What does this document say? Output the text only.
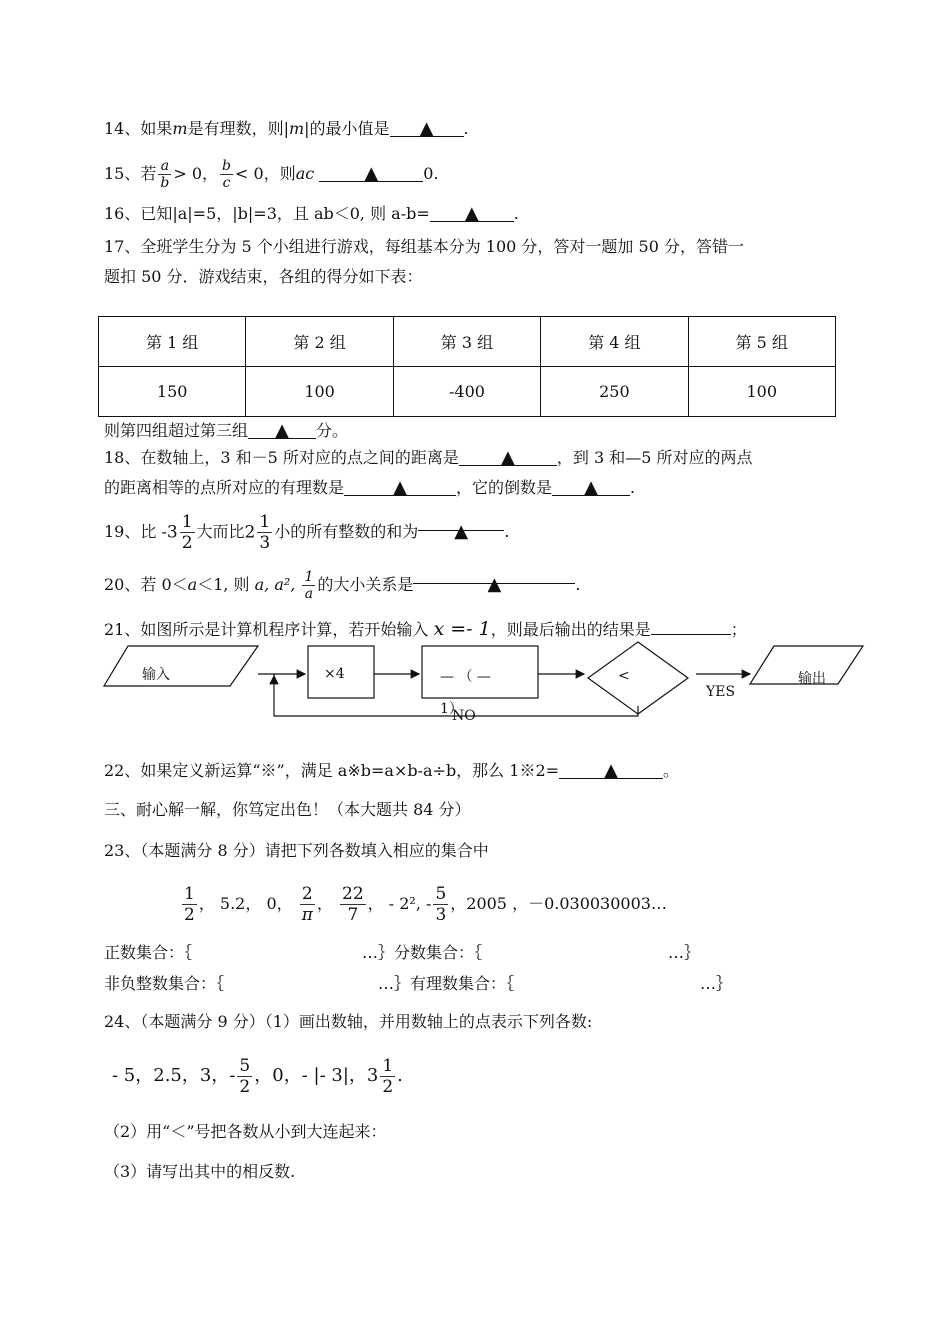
14、如果m是有理数，则|m|的最小值是 ▲ .
15、若 $\frac{a}{b} > 0$， $\frac{b}{c} < 0$，则ac	▲	0.
16、已知|a|=5，|b|=3，且 ab＜0, 则 a-b= ▲ .
17、全班学生分为 5 个小组进行游戏，每组基本分为 100 分，答对一题加 50 分，答错一
题扣 50 分．游戏结束，各组的得分如下表：
第 1 组	第 2 组	第 3 组	第 4 组	第 5 组
150	100	-400	250	100
则第四组超过第三组 ▲ 分。
18、在数轴上，3 和－5 所对应的点之间的距离是 ▲	，到 3 和—5 所对应的两点
的距离相等的点所对应的有理数是	▲	，它的倒数是 ▲ .
19、比 $-3 \frac{1}{2}$ 大而比$2 \frac{1}{3}$ 小的所有整数的和为 ▲ .
20、若 0＜a＜1, 则 a, a², $\frac{1}{a}$ 的大小关系是	▲	.
21、如图所示是计算机程序计算，若开始输入 x =- 1，则最后输出的结果是	；
输入	×4	— （ —
1）
<
YES
NO
输出
22、如果定义新运算“※”，满足 a※b=a×b-a÷b，那么 1※2=	▲	。
三、耐心解一解，你笃定出色！（本大题共 84 分）
23、（本题满分 8 分）请把下列各数填入相应的集合中
$\frac{1}{2}$ ， 5.2， 0， $\frac{2}{\pi}$ ， $\frac{22}{7}$ ， - 2², - $\frac{5}{3}$ ，2005 ，－0.030030003…
正数集合：｛	…｝分数集合：｛	…｝
非负整数集合：｛	…｝有理数集合：｛	…｝
24、（本题满分 9 分）（1）画出数轴，并用数轴上的点表示下列各数:
- 5，2.5，3，- $\frac{5}{2}$ ，0，- |- 3|，$3 \frac{1}{2}$ .
（2）用“＜”号把各数从小到大连起来：
（3）请写出其中的相反数.
